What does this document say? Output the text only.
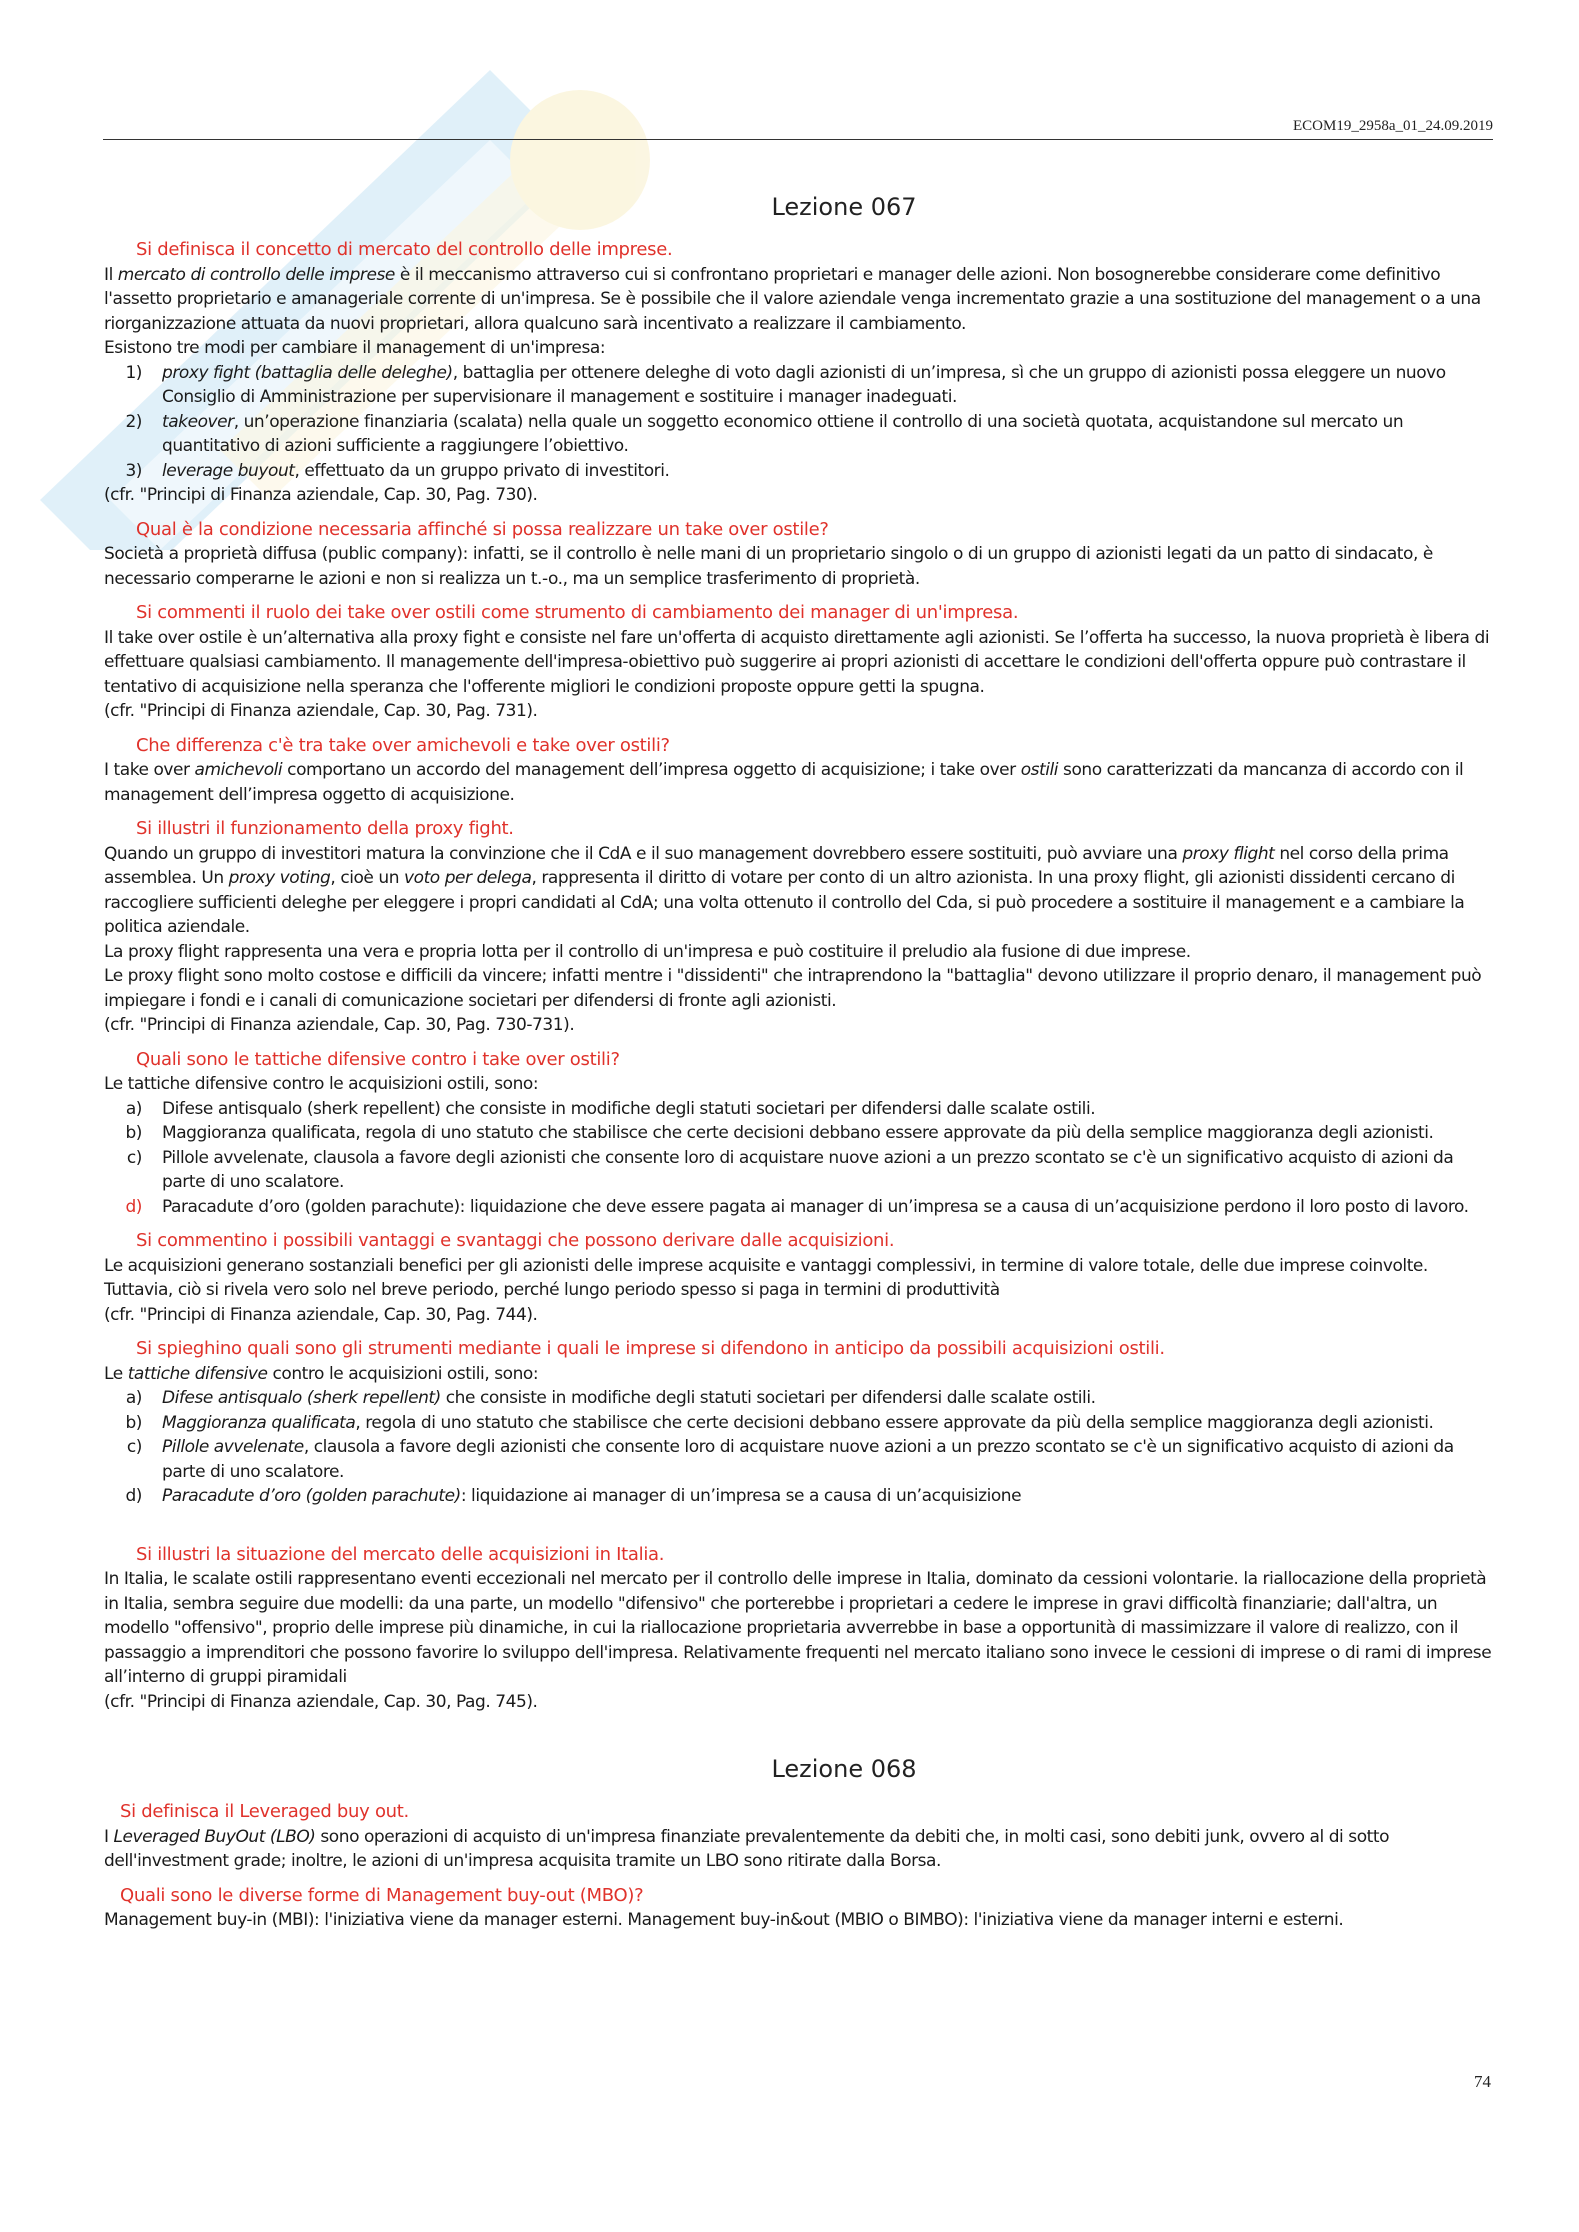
ECOM19_2958a_01_24.09.2019
Lezione 067
Si definisca il concetto di mercato del controllo delle imprese.

Il mercato di controllo delle imprese è il meccanismo attraverso cui si confrontano proprietari e manager delle azioni. Non bosognerebbe considerare come definitivo l'assetto proprietario e amanageriale corrente di un'impresa. Se è possibile che il valore aziendale venga incrementato grazie a una sostituzione del management o a una riorganizzazione attuata da nuovi proprietari, allora qualcuno sarà incentivato a realizzare il cambiamento.

Esistono tre modi per cambiare il management di un'impresa:

1)	proxy fight (battaglia delle deleghe), battaglia per ottenere deleghe di voto dagli azionisti di un’impresa, sì che un gruppo di azionisti possa eleggere un nuovo Consiglio di Amministrazione per supervisionare il management e sostituire i manager inadeguati.
2)	takeover, un’operazione finanziaria (scalata) nella quale un soggetto economico ottiene il controllo di una società quotata, acquistandone sul mercato un quantitativo di azioni sufficiente a raggiungere l’obiettivo.
3)	leverage buyout, effettuato da un gruppo privato di investitori.

(cfr. "Principi di Finanza aziendale, Cap. 30, Pag. 730).

Qual è la condizione necessaria affinché si possa realizzare un take over ostile?

Società a proprietà diffusa (public company): infatti, se il controllo è nelle mani di un proprietario singolo o di un gruppo di azionisti legati da un patto di sindacato, è necessario comperarne le azioni e non si realizza un t.-o., ma un semplice trasferimento di proprietà.

Si commenti il ruolo dei take over ostili come strumento di cambiamento dei manager di un'impresa.

Il take over ostile è un’alternativa alla proxy fight e consiste nel fare un'offerta di acquisto direttamente agli azionisti. Se l’offerta ha successo, la nuova proprietà è libera di effettuare qualsiasi cambiamento. Il managemente dell'impresa-obiettivo può suggerire ai propri azionisti di accettare le condizioni dell'offerta oppure può contrastare il tentativo di acquisizione nella speranza che l'offerente migliori le condizioni proposte oppure getti la spugna.

(cfr. "Principi di Finanza aziendale, Cap. 30, Pag. 731).

Che differenza c'è tra take over amichevoli e take over ostili?

I take over amichevoli comportano un accordo del management dell’impresa oggetto di acquisizione; i take over ostili sono caratterizzati da mancanza di accordo con il management dell’impresa oggetto di acquisizione.

Si illustri il funzionamento della proxy fight.

Quando un gruppo di investitori matura la convinzione che il CdA e il suo management dovrebbero essere sostituiti, può avviare una proxy flight nel corso della prima assemblea. Un proxy voting, cioè un voto per delega, rappresenta il diritto di votare per conto di un altro azionista. In una proxy flight, gli azionisti dissidenti cercano di raccogliere sufficienti deleghe per eleggere i propri candidati al CdA; una volta ottenuto il controllo del Cda, si può procedere a sostituire il management e a cambiare la politica aziendale.

La proxy flight rappresenta una vera e propria lotta per il controllo di un'impresa e può costituire il preludio ala fusione di due imprese.

Le proxy flight sono molto costose e difficili da vincere; infatti mentre i "dissidenti" che intraprendono la "battaglia" devono utilizzare il proprio denaro, il management può impiegare i fondi e i canali di comunicazione societari per difendersi di fronte agli azionisti.

(cfr. "Principi di Finanza aziendale, Cap. 30, Pag. 730-731).

Quali sono le tattiche difensive contro i take over ostili?

Le tattiche difensive contro le acquisizioni ostili, sono:

a)	Difese antisqualo (sherk repellent) che consiste in modifiche degli statuti societari per difendersi dalle scalate ostili.
b)	Maggioranza qualificata, regola di uno statuto che stabilisce che certe decisioni debbano essere approvate da più della semplice maggioranza degli azionisti.
c)	Pillole avvelenate, clausola a favore degli azionisti che consente loro di acquistare nuove azioni a un prezzo scontato se c'è un significativo acquisto di azioni da parte di uno scalatore.
d)	Paracadute d’oro (golden parachute): liquidazione che deve essere pagata ai manager di un’impresa se a causa di un’acquisizione perdono il loro posto di lavoro.
Si commentino i possibili vantaggi e svantaggi che possono derivare dalle acquisizioni.

Le acquisizioni generano sostanziali benefici per gli azionisti delle imprese acquisite e vantaggi complessivi, in termine di valore totale, delle due imprese coinvolte. Tuttavia, ciò si rivela vero solo nel breve periodo, perché lungo periodo spesso si paga in termini di produttività

(cfr. "Principi di Finanza aziendale, Cap. 30, Pag. 744).

Si spieghino quali sono gli strumenti mediante i quali le imprese si difendono in anticipo da possibili acquisizioni ostili.

Le tattiche difensive contro le acquisizioni ostili, sono:

a)	Difese antisqualo (sherk repellent) che consiste in modifiche degli statuti societari per difendersi dalle scalate ostili.
b)	Maggioranza qualificata, regola di uno statuto che stabilisce che certe decisioni debbano essere approvate da più della semplice maggioranza degli azionisti.
c)	Pillole avvelenate, clausola a favore degli azionisti che consente loro di acquistare nuove azioni a un prezzo scontato se c'è un significativo acquisto di azioni da parte di uno scalatore.
d)	Paracadute d’oro (golden parachute): liquidazione ai manager di un’impresa se a causa di un’acquisizione
Si illustri la situazione del mercato delle acquisizioni in Italia.

In Italia, le scalate ostili rappresentano eventi eccezionali nel mercato per il controllo delle imprese in Italia, dominato da cessioni volontarie. la riallocazione della proprietà in Italia, sembra seguire due modelli: da una parte, un modello "difensivo" che porterebbe i proprietari a cedere le imprese in gravi difficoltà finanziarie; dall'altra, un modello "offensivo", proprio delle imprese più dinamiche, in cui la riallocazione proprietaria avverrebbe in base a opportunità di massimizzare il valore di realizzo, con il passaggio a imprenditori che possono favorire lo sviluppo dell'impresa. Relativamente frequenti nel mercato italiano sono invece le cessioni di imprese o di rami di imprese all’interno di gruppi piramidali

(cfr. "Principi di Finanza aziendale, Cap. 30, Pag. 745).

Lezione 068
Si definisca il Leveraged buy out.

I Leveraged BuyOut (LBO) sono operazioni di acquisto di un'impresa finanziate prevalentemente da debiti che, in molti casi, sono debiti junk, ovvero al di sotto dell'investment grade; inoltre, le azioni di un'impresa acquisita tramite un LBO sono ritirate dalla Borsa.

Quali sono le diverse forme di Management buy-out (MBO)?

Management buy-in (MBI): l'iniziativa viene da manager esterni. Management buy-in&out (MBIO o BIMBO): l'iniziativa viene da manager interni e esterni.

74
